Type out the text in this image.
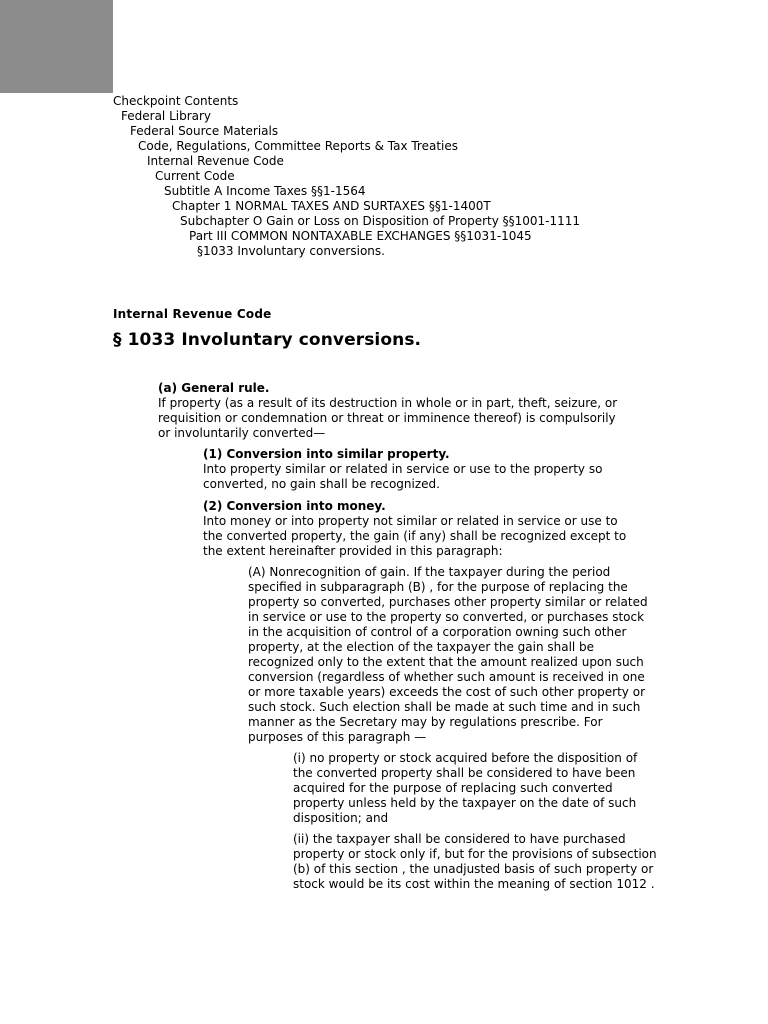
Checkpoint Contents
Federal Library
Federal Source Materials
Code, Regulations, Committee Reports & Tax Treaties
Internal Revenue Code
Current Code
Subtitle A Income Taxes §§1-1564
Chapter 1 NORMAL TAXES AND SURTAXES §§1-1400T
Subchapter O Gain or Loss on Disposition of Property §§1001-1111
Part III COMMON NONTAXABLE EXCHANGES §§1031-1045
§1033 Involuntary conversions.
Internal Revenue Code
§ 1033 Involuntary conversions.
(a) General rule.
If property (as a result of its destruction in whole or in part, theft, seizure, or requisition or condemnation or threat or imminence thereof) is compulsorily or involuntarily converted—
(1) Conversion into similar property.
Into property similar or related in service or use to the property so converted, no gain shall be recognized.
(2) Conversion into money.
Into money or into property not similar or related in service or use to the converted property, the gain (if any) shall be recognized except to the extent hereinafter provided in this paragraph:
(A) Nonrecognition of gain. If the taxpayer during the period specified in subparagraph (B) , for the purpose of replacing the property so converted, purchases other property similar or related in service or use to the property so converted, or purchases stock in the acquisition of control of a corporation owning such other property, at the election of the taxpayer the gain shall be recognized only to the extent that the amount realized upon such conversion (regardless of whether such amount is received in one or more taxable years) exceeds the cost of such other property or such stock. Such election shall be made at such time and in such manner as the Secretary may by regulations prescribe. For purposes of this paragraph —
(i) no property or stock acquired before the disposition of the converted property shall be considered to have been acquired for the purpose of replacing such converted property unless held by the taxpayer on the date of such disposition; and
(ii) the taxpayer shall be considered to have purchased property or stock only if, but for the provisions of subsection (b) of this section , the unadjusted basis of such property or stock would be its cost within the meaning of section 1012 .
